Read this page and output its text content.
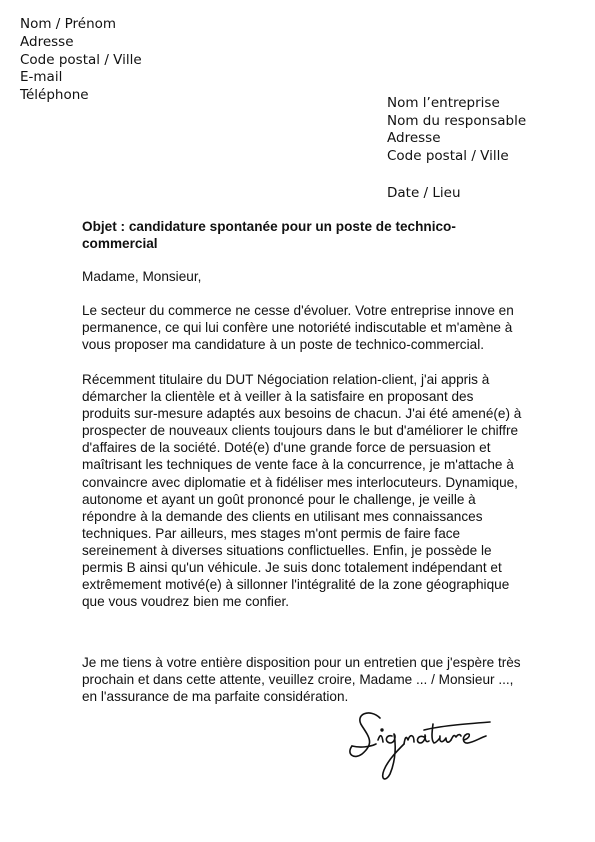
Nom / Prénom
Adresse
Code postal / Ville
E-mail
Téléphone	Nom l’entreprise
Nom du responsable
Adresse
Code postal / Ville
Date / Lieu
Objet : candidature spontanée pour un poste de technico-commercial
Madame, Monsieur,
Le secteur du commerce ne cesse d'évoluer. Votre entreprise innove en permanence, ce qui lui confère une notoriété indiscutable et m'amène à vous proposer ma candidature à un poste de technico-commercial.
Récemment titulaire du DUT Négociation relation-client, j'ai appris à démarcher la clientèle et à veiller à la satisfaire en proposant des produits sur-mesure adaptés aux besoins de chacun. J'ai été amené(e) à prospecter de nouveaux clients toujours dans le but d'améliorer le chiffre d'affaires de la société. Doté(e) d'une grande force de persuasion et maîtrisant les techniques de vente face à la concurrence, je m'attache à convaincre avec diplomatie et à fidéliser mes interlocuteurs. Dynamique, autonome et ayant un goût prononcé pour le challenge, je veille à répondre à la demande des clients en utilisant mes connaissances techniques. Par ailleurs, mes stages m'ont permis de faire face sereinement à diverses situations conflictuelles. Enfin, je possède le permis B ainsi qu'un véhicule. Je suis donc totalement indépendant et extrêmement motivé(e) à sillonner l'intégralité de la zone géographique que vous voudrez bien me confier.
Je me tiens à votre entière disposition pour un entretien que j'espère très prochain et dans cette attente, veuillez croire, Madame ... / Monsieur ..., en l'assurance de ma parfaite considération.
